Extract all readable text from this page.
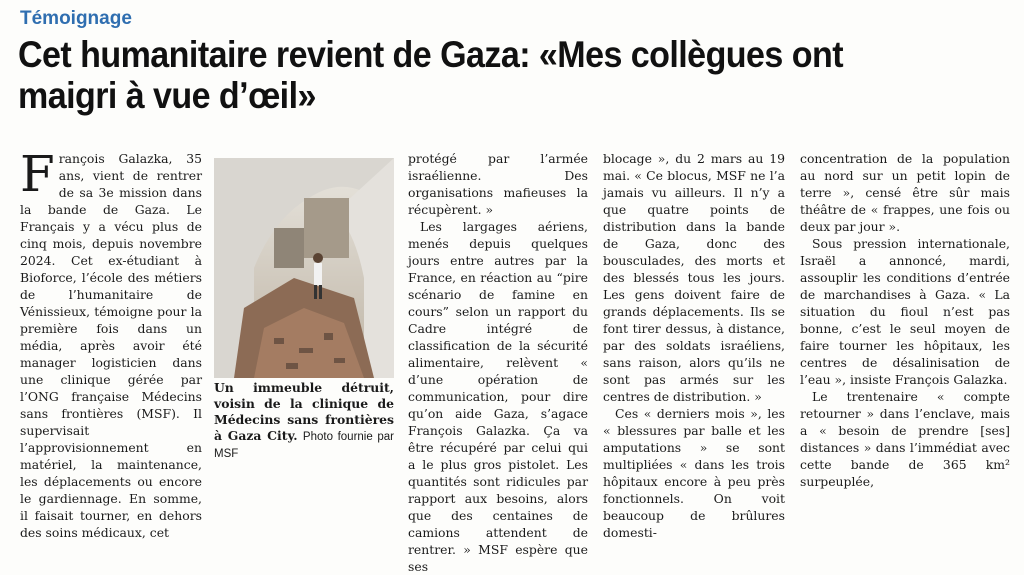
Témoignage
Cet humanitaire revient de Gaza: «Mes collègues ont maigri à vue d’œil»

François Galazka, 35 ans, vient de rentrer de sa 3e mission dans la bande de Gaza. Le Français y a vécu plus de cinq mois, depuis novembre 2024. Cet ex-étudiant à Bioforce, l’école des métiers de l’humanitaire de Vénissieux, témoigne pour la première fois dans un média, après avoir été manager logisticien dans une clinique gérée par l’ONG française Médecins sans frontières (MSF). Il supervisait l’approvisionnement en matériel, la maintenance, les déplacements ou encore le gardiennage. En somme, il faisait tourner, en dehors des soins médicaux, cet

Un immeuble détruit, voisin de la clinique de Médecins sans frontières à Gaza City. Photo fournie par MSF

protégé par l’armée israélienne. Des organisations mafieuses la récupèrent. »

Les largages aériens, menés depuis quelques jours entre autres par la France, en réaction au “pire scénario de famine en cours” selon un rapport du Cadre intégré de classification de la sécurité alimentaire, relèvent « d’une opération de communication, pour dire qu’on aide Gaza, s’agace François Galazka. Ça va être récupéré par celui qui a le plus gros pistolet. Les quantités sont ridicules par rapport aux besoins, alors que des centaines de camions attendent de rentrer. » MSF espère que ses

blocage », du 2 mars au 19 mai. « Ce blocus, MSF ne l’a jamais vu ailleurs. Il n’y a que quatre points de distribution dans la bande de Gaza, donc des bousculades, des morts et des blessés tous les jours. Les gens doivent faire de grands déplacements. Ils se font tirer dessus, à distance, par des soldats israéliens, sans raison, alors qu’ils ne sont pas armés sur les centres de distribution. »

Ces « derniers mois », les « blessures par balle et les amputations » se sont multipliées « dans les trois hôpitaux encore à peu près fonctionnels. On voit beaucoup de brûlures domesti-

concentration de la population au nord sur un petit lopin de terre », censé être sûr mais théâtre de « frappes, une fois ou deux par jour ».

Sous pression internationale, Israël a annoncé, mardi, assouplir les conditions d’entrée de marchandises à Gaza. « La situation du fioul n’est pas bonne, c’est le seul moyen de faire tourner les hôpitaux, les centres de désalinisation de l’eau », insiste François Galazka.

Le trentenaire « compte retourner » dans l’enclave, mais a « besoin de prendre [ses] distances » dans l’immédiat avec cette bande de 365 km² surpeuplée,
